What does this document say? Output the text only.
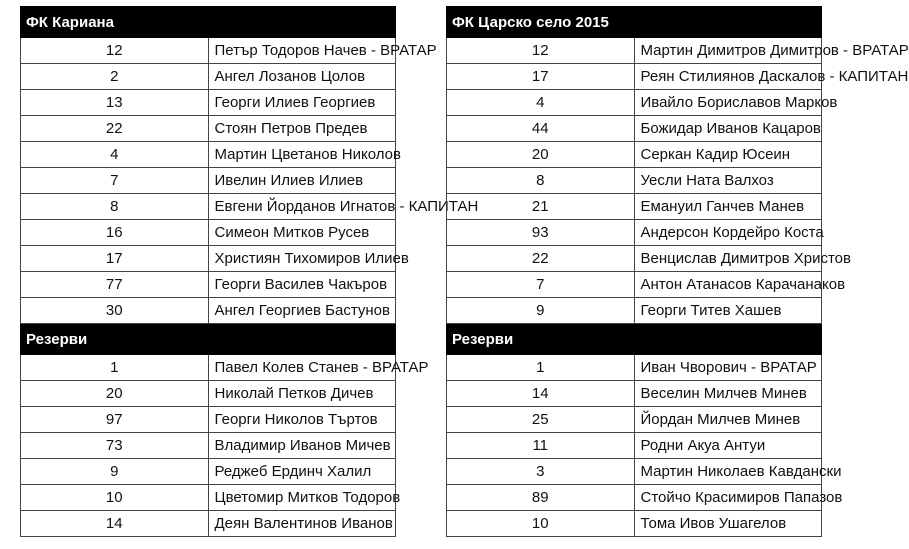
ФК Кариана	
12	Петър Тодоров Начев - ВРАТАР
2	Ангел Лозанов Цолов
13	Георги Илиев Георгиев
22	Стоян Петров Предев
4	Мартин Цветанов Николов
7	Ивелин Илиев Илиев
8	Евгени Йорданов Игнатов - КАПИТАН
16	Симеон Митков Русев
17	Християн Тихомиров Илиев
77	Георги Василев Чакъров
30	Ангел Георгиев Бастунов
Резерви	
1	Павел Колев Станев - ВРАТАР
20	Николай Петков Дичев
97	Георги Николов Търтов
73	Владимир Иванов Мичев
9	Реджеб Ердинч Халил
10	Цветомир Митков Тодоров
14	Деян Валентинов Иванов
ФК Царско село 2015	
12	Мартин Димитров Димитров - ВРАТАР
17	Реян Стилиянов Даскалов - КАПИТАН
4	Ивайло Бориславов Марков
44	Божидар Иванов Кацаров
20	Серкан Кадир Юсеин
8	Уесли Ната Валхоз
21	Емануил Ганчев Манев
93	Андерсон Кордейро Коста
22	Венцислав Димитров Христов
7	Антон Атанасов Карачанаков
9	Георги Титев Хашев
Резерви	
1	Иван Чворович - ВРАТАР
14	Веселин Милчев Минев
25	Йордан Милчев Минев
11	Родни Акуа Антуи
3	Мартин Николаев Кавдански
89	Стойчо Красимиров Папазов
10	Тома Ивов Ушагелов
